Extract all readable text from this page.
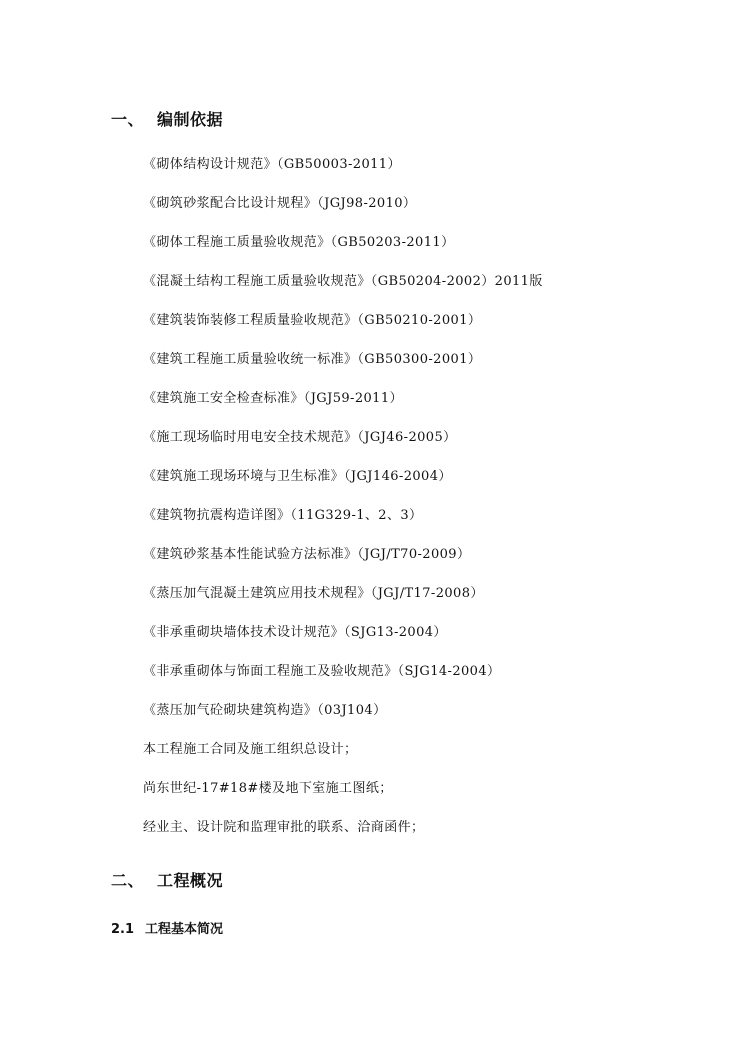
一、 编制依据
《砌体结构设计规范》（GB50003-2011）
《砌筑砂浆配合比设计规程》（JGJ98-2010）
《砌体工程施工质量验收规范》（GB50203-2011）
《混凝土结构工程施工质量验收规范》（GB50204-2002）2011版
《建筑装饰装修工程质量验收规范》（GB50210-2001）
《建筑工程施工质量验收统一标准》（GB50300-2001）
《建筑施工安全检查标准》（JGJ59-2011）
《施工现场临时用电安全技术规范》（JGJ46-2005）
《建筑施工现场环境与卫生标准》（JGJ146-2004）
《建筑物抗震构造详图》（11G329-1、2、3）
《建筑砂浆基本性能试验方法标准》（JGJ/T70-2009）
《蒸压加气混凝土建筑应用技术规程》（JGJ/T17-2008）
《非承重砌块墙体技术设计规范》（SJG13-2004）
《非承重砌体与饰面工程施工及验收规范》（SJG14-2004）
《蒸压加气砼砌块建筑构造》（03J104）
本工程施工合同及施工组织总设计；
尚东世纪-17#18#楼及地下室施工图纸；
经业主、设计院和监理审批的联系、洽商函件；
二、 工程概况
2.1 工程基本简况
